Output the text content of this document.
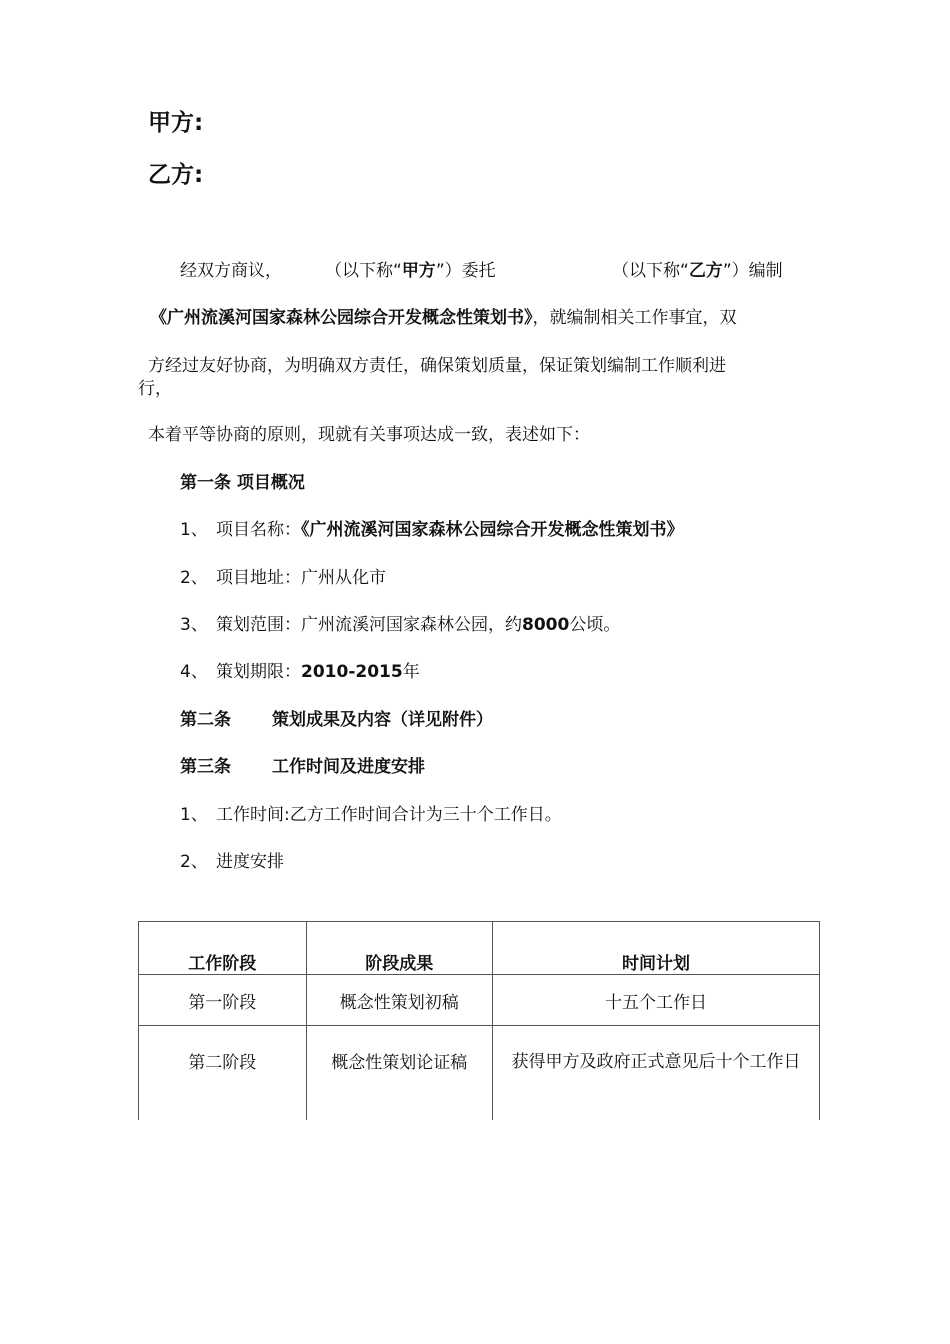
甲方:
乙方:
经双方商议，	（以下称“甲方”）委托	（以下称“乙方”）编制
《广州流溪河国家森林公园综合开发概念性策划书》，就编制相关工作事宜，双
方经过友好协商，为明确双方责任，确保策划质量，保证策划编制工作顺利进
行，
本着平等协商的原则，现就有关事项达成一致，表述如下：
第一条 项目概况
1、 项目名称：《广州流溪河国家森林公园综合开发概念性策划书》
2、 项目地址：广州从化市
3、 策划范围：广州流溪河国家森林公园，约8000公顷。
4、 策划期限：2010-2015年
第二条 策划成果及内容（详见附件）
第三条 工作时间及进度安排
1、 工作时间:乙方工作时间合计为三十个工作日。
2、 进度安排
工作阶段	阶段成果	时间计划
第一阶段	概念性策划初稿	十五个工作日

第二阶段	概念性策划论证稿	获得甲方及政府正式意见后十个工作日
